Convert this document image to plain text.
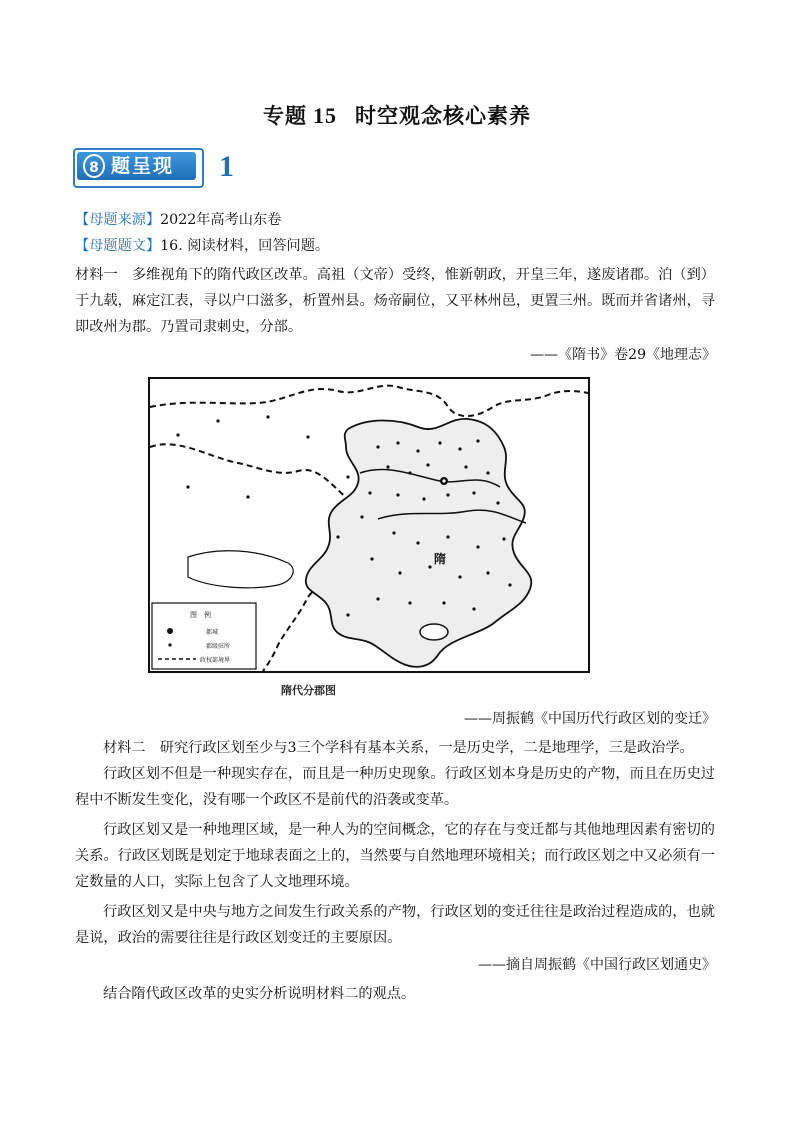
专题 15 时空观念核心素养
8 题呈现 1
【母题来源】2022年高考山东卷
【母题题文】16. 阅读材料，回答问题。
材料一　多维视角下的隋代政区改革。高祖（文帝）受终，惟新朝政，开皇三年，遂废诸郡。泊（到）于九载，麻定江表，寻以户口滋多，析置州县。炀帝嗣位，又平林州邑，更置三州。既而并省诸州，寻即改州为郡。乃置司隶刺史，分部。
——《隋书》卷29《地理志》
隋
图　例
都城
郡级驻所
政权部境界
隋代分郡图
——周振鹤《中国历代行政区划的变迁》
材料二　研究行政区划至少与3三个学科有基本关系，一是历史学，二是地理学，三是政治学。
行政区划不但是一种现实存在，而且是一种历史现象。行政区划本身是历史的产物，而且在历史过程中不断发生变化，没有哪一个政区不是前代的沿袭或变革。
行政区划又是一种地理区域，是一种人为的空间概念，它的存在与变迁都与其他地理因素有密切的关系。行政区划既是划定于地球表面之上的，当然要与自然地理环境相关；而行政区划之中又必须有一定数量的人口，实际上包含了人文地理环境。
行政区划又是中央与地方之间发生行政关系的产物，行政区划的变迁往往是政治过程造成的，也就是说，政治的需要往往是行政区划变迁的主要原因。
——摘自周振鹤《中国行政区划通史》
结合隋代政区改革的史实分析说明材料二的观点。
